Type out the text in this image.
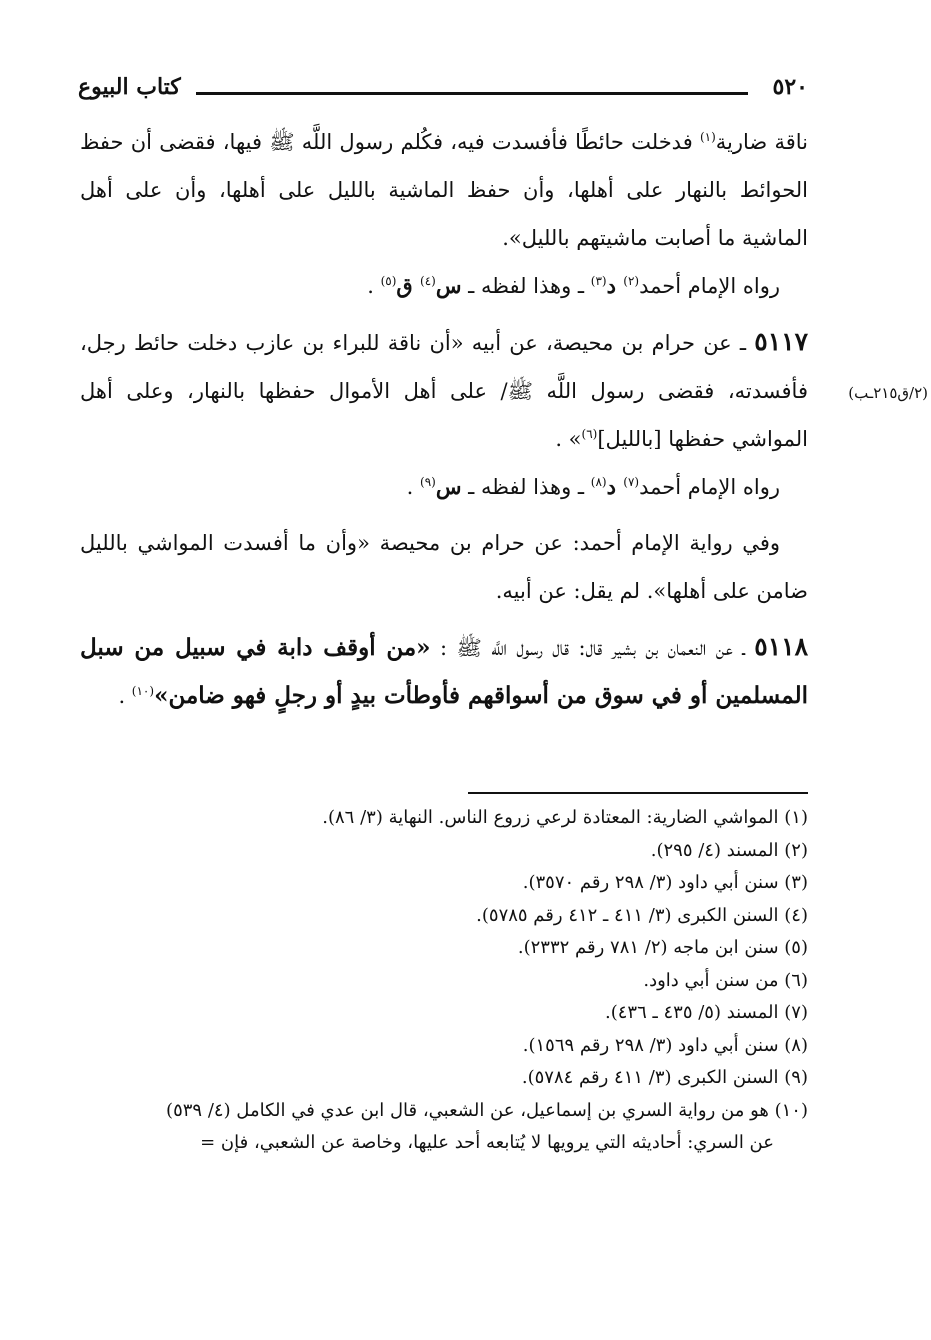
٥٢٠
كتاب البيوع

ناقة ضارية$^{(١)}$ فدخلت حائطًا فأفسدت فيه، فكُلم رسول اللَّه ﷺ فيها، فقضى أن حفظ الحوائط بالنهار على أهلها، وأن حفظ الماشية بالليل على أهلها، وأن على أهل الماشية ما أصابت ماشيتهم بالليل».

رواه الإمام أحمد$^{(٢)}$ د$^{(٣)}$ ـ وهذا لفظه ـ س$^{(٤)}$ ق$^{(٥)}$ .

٥١١٧ ـ عن حرام بن محيصة، عن أبيه «أن ناقة للبراء بن عازب دخلت حائط رجل، فأفسدته، فقضى رسول اللَّه ﷺ/ على أهل الأموال حفظها بالنهار، وعلى أهل المواشي حفظها [بالليل]$^{(٦)}$» .

رواه الإمام أحمد$^{(٧)}$ د$^{(٨)}$ ـ وهذا لفظه ـ س$^{(٩)}$ .

وفي رواية الإمام أحمد: عن حرام بن محيصة «وأن ما أفسدت المواشي بالليل ضامن على أهلها». لم يقل: عن أبيه.

٥١١٨ ـ عن النعمان بن بشير قال: قال رسول اللَّه ﷺ : «من أوقف دابة في سبيل من سبل المسلمين أو في سوق من أسواقهم فأوطأت بيدٍ أو رجلٍ فهو ضامن»$^{(١٠)}$ .

(٢/ق٢١٥ـب)
(١) المواشي الضارية: المعتادة لرعي زروع الناس. النهاية (٣/ ٨٦).
(٢) المسند (٤/ ٢٩٥).
(٣) سنن أبي داود (٣/ ٢٩٨ رقم ٣٥٧٠).
(٤) السنن الكبرى (٣/ ٤١١ ـ ٤١٢ رقم ٥٧٨٥).
(٥) سنن ابن ماجه (٢/ ٧٨١ رقم ٢٣٣٢).
(٦) من سنن أبي داود.
(٧) المسند (٥/ ٤٣٥ ـ ٤٣٦).
(٨) سنن أبي داود (٣/ ٢٩٨ رقم ١٥٦٩).
(٩) السنن الكبرى (٣/ ٤١١ رقم ٥٧٨٤).
(١٠) هو من رواية السري بن إسماعيل، عن الشعبي، قال ابن عدي في الكامل (٤/ ٥٣٩)
عن السري: أحاديثه التي يرويها لا يُتابعه أحد عليها، وخاصة عن الشعبي، فإن =
